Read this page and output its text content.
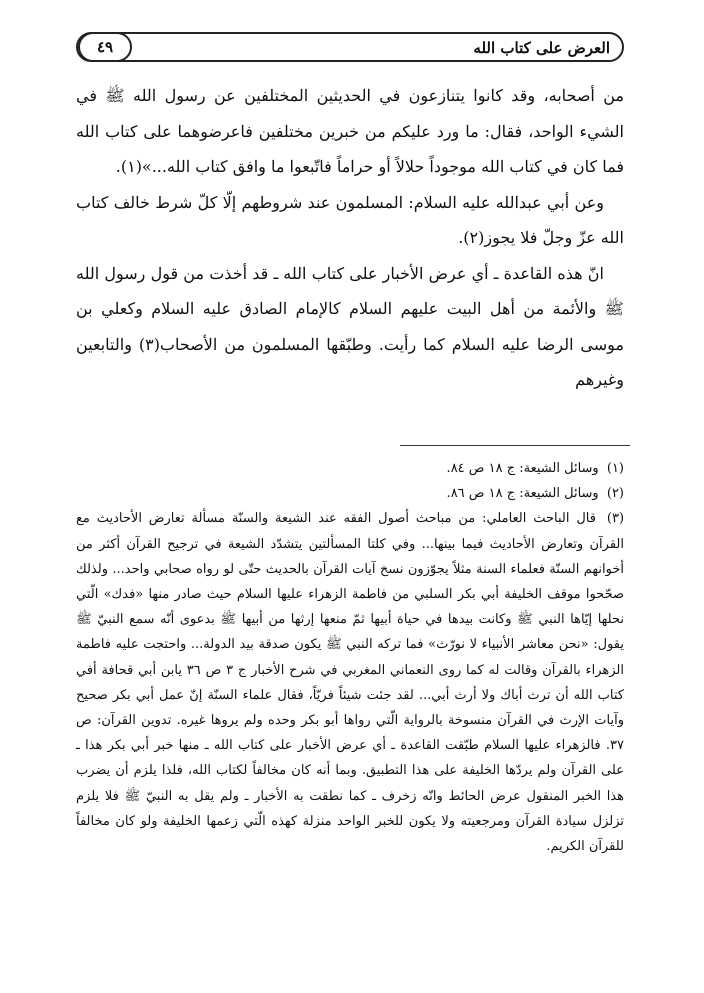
العرض على كتاب الله
٤٩

من أصحابه، وقد كانوا يتنازعون في الحديثين المختلفين عن رسول الله ﷺ في الشيء الواحد، فقال: ما ورد عليكم من خبرين مختلفين فاعرضوهما على كتاب الله فما كان في كتاب الله موجوداً حلالاً أو حراماً فاتّبعوا ما وافق كتاب الله...»(١).

وعن أبي عبدالله عليه السلام: المسلمون عند شروطهم إلّا كلّ شرط خالف كتاب الله عزّ وجلّ فلا يجوز(٢).

انّ هذه القاعدة ـ أي عرض الأخبار على كتاب الله ـ قد أخذت من قول رسول الله ﷺ والأئمة من أهل البيت عليهم السلام كالإمام الصادق عليه السلام وكعلي بن موسى الرضا عليه السلام كما رأيت. وطبّقها المسلمون من الأصحاب(٣) والتابعين وغيرهم

(١) وسائل الشيعة: ج ١٨ ص ٨٤.

(٢) وسائل الشيعة: ج ١٨ ص ٨٦.

(٣) قال الباحث العاملي: من مباحث أصول الفقه عند الشيعة والسنّة مسألة تعارض الأحاديث مع القرآن وتعارض الأحاديث فيما بينها... وفي كلتا المسألتين يتشدّد الشيعة في ترجيح القرآن أكثر من أخوانهم السنّة فعلماء السنة مثلاً يجوّزون نسخ آيات القرآن بالحديث حتّى لو رواه صحابي واحد... ولذلك صحّحوا موقف الخليفة أبي بكر السلبي من فاطمة الزهراء عليها السلام حيث صادر منها «فدك» الّتي نحلها إيّاها النبي ﷺ وكانت بيدها في حياة أبيها ثمّ منعها إرثها من أبيها ﷺ بدعوى أنّه سمع النبيّ ﷺ يقول: «نحن معاشر الأنبياء لا نورّث» فما تركه النبي ﷺ يكون صدقة بيد الدولة... واحتجت عليه فاطمة الزهراء بالقرآن وقالت له كما روى النعماني المغربي في شرح الأخبار ج ٣ ص ٣٦ يابن أبي قحافة أفي كتاب الله أن ترث أباك ولا أرث أبي... لقد جئت شيئاً فريّاً، فقال علماء السنّة إنّ عمل أبي بكر صحيح وآيات الإرث في القرآن منسوخة بالرواية الّتي رواها أبو بكر وحده ولم يروها غيره. تدوين القرآن: ص ٣٧. فالزهراء عليها السلام طبّقت القاعدة ـ أي عرض الأخبار على كتاب الله ـ منها خبر أبي بكر هذا ـ على القرآن ولم يردّها الخليفة على هذا التطبيق. وبما أنه كان مخالفاً لكتاب الله، فلذا يلزم أن يضرب هذا الخبر المنقول عرض الحائط وانّه زخرف ـ كما نطقت به الأخبار ـ ولم يقل به النبيّ ﷺ فلا يلزم تزلزل سيادة القرآن ومرجعيته ولا يكون للخبر الواحد منزلة كهذه الّتي زعمها الخليفة ولو كان مخالفاً للقرآن الكريم.
